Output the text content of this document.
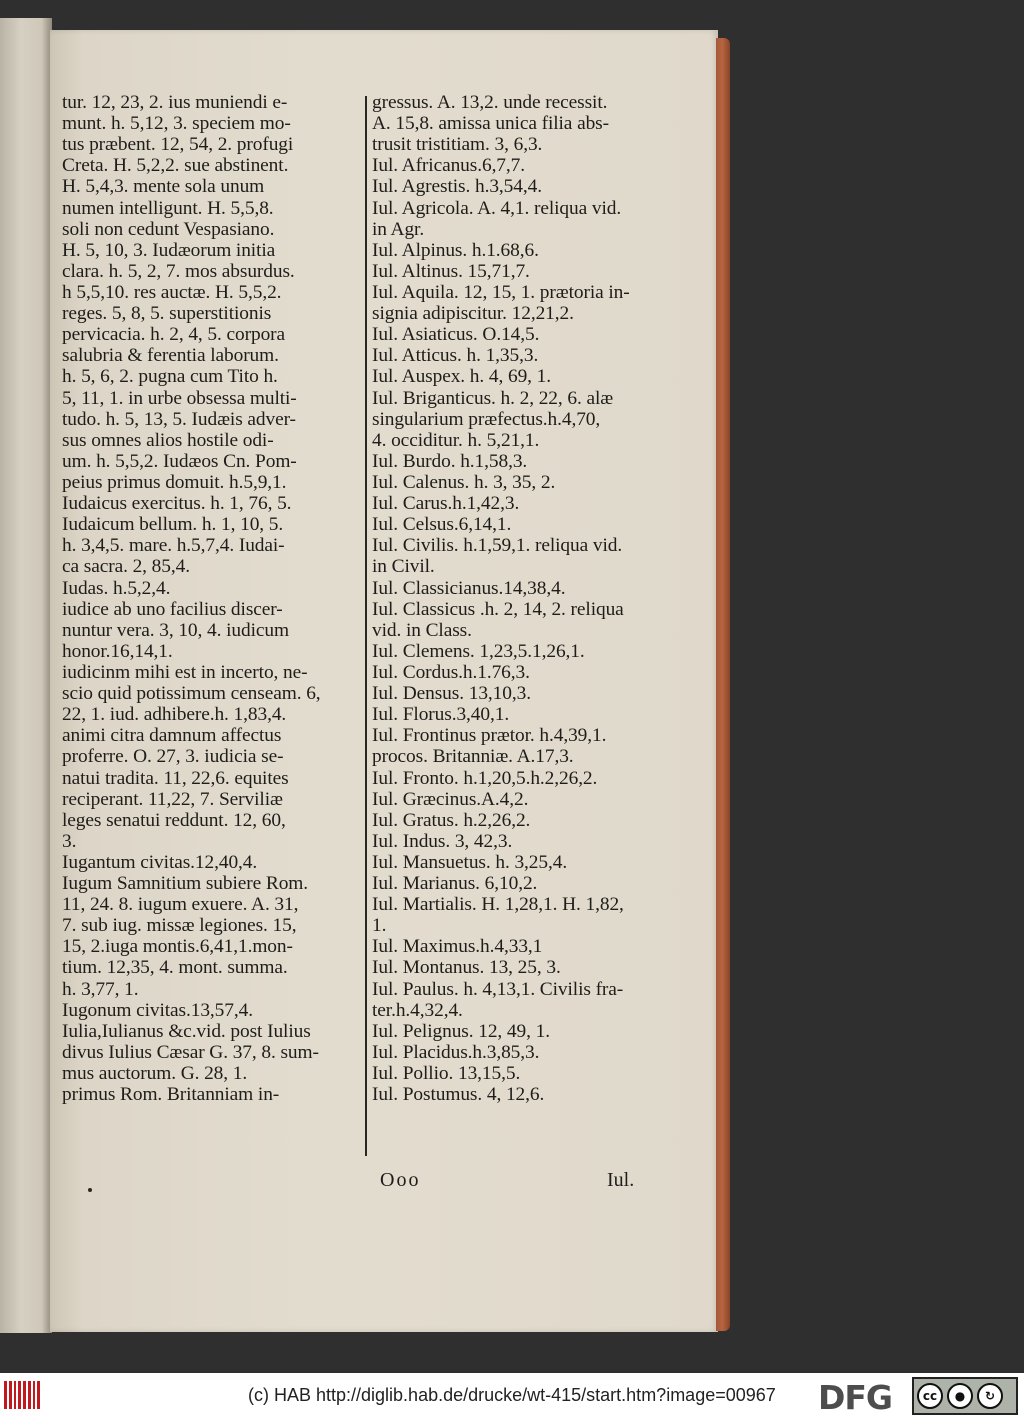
tur. 12, 23, 2. ius muniendi e-
munt. h. 5,12, 3. speciem mo-
tus præbent. 12, 54, 2. profugi
Creta. H. 5,2,2. sue abstinent.
H. 5,4,3. mente sola unum
numen intelligunt. H. 5,5,8.
soli non cedunt Vespasiano.
H. 5, 10, 3. Iudæorum initia
clara. h. 5, 2, 7. mos absurdus.
h 5,5,10. res auctæ. H. 5,5,2.
reges. 5, 8, 5. superstitionis
pervicacia. h. 2, 4, 5. corpora
salubria & ferentia laborum.
h. 5, 6, 2. pugna cum Tito h.
5, 11, 1. in urbe obsessa multi-
tudo. h. 5, 13, 5. Iudæis adver-
sus omnes alios hostile odi-
um. h. 5,5,2. Iudæos Cn. Pom-
peius primus domuit. h.5,9,1.
Iudaicus exercitus. h. 1, 76, 5.
Iudaicum bellum. h. 1, 10, 5.
h. 3,4,5. mare. h.5,7,4. Iudai-
ca sacra. 2, 85,4.
Iudas. h.5,2,4.
iudice ab uno facilius discer-
nuntur vera. 3, 10, 4. iudicum
honor.16,14,1.
iudicinm mihi est in incerto, ne-
scio quid potissimum censeam. 6,
22, 1. iud. adhibere.h. 1,83,4.
animi citra damnum affectus
proferre. O. 27, 3. iudicia se-
natui tradita. 11, 22,6. equites
reciperant. 11,22, 7. Serviliæ
leges senatui reddunt. 12, 60,
3.
Iugantum civitas.12,40,4.
Iugum Samnitium subiere Rom.
11, 24. 8. iugum exuere. A. 31,
7. sub iug. missæ legiones. 15,
15, 2.iuga montis.6,41,1.mon-
tium. 12,35, 4. mont. summa.
h. 3,77, 1.
Iugonum civitas.13,57,4.
Iulia,Iulianus &c.vid. post Iulius
divus Iulius Cæsar G. 37, 8. sum-
mus auctorum. G. 28, 1.
primus Rom. Britanniam in-
gressus. A. 13,2. unde recessit.
A. 15,8. amissa unica filia abs-
trusit tristitiam. 3, 6,3.
Iul. Africanus.6,7,7.
Iul. Agrestis. h.3,54,4.
Iul. Agricola. A. 4,1. reliqua vid.
in Agr.
Iul. Alpinus. h.1.68,6.
Iul. Altinus. 15,71,7.
Iul. Aquila. 12, 15, 1. prætoria in-
signia adipiscitur. 12,21,2.
Iul. Asiaticus. O.14,5.
Iul. Atticus. h. 1,35,3.
Iul. Auspex. h. 4, 69, 1.
Iul. Briganticus. h. 2, 22, 6. alæ
singularium præfectus.h.4,70,
4. occiditur. h. 5,21,1.
Iul. Burdo. h.1,58,3.
Iul. Calenus. h. 3, 35, 2.
Iul. Carus.h.1,42,3.
Iul. Celsus.6,14,1.
Iul. Civilis. h.1,59,1. reliqua vid.
in Civil.
Iul. Classicianus.14,38,4.
Iul. Classicus .h. 2, 14, 2. reliqua
vid. in Class.
Iul. Clemens. 1,23,5.1,26,1.
Iul. Cordus.h.1.76,3.
Iul. Densus. 13,10,3.
Iul. Florus.3,40,1.
Iul. Frontinus prætor. h.4,39,1.
procos. Britanniæ. A.17,3.
Iul. Fronto. h.1,20,5.h.2,26,2.
Iul. Græcinus.A.4,2.
Iul. Gratus. h.2,26,2.
Iul. Indus. 3, 42,3.
Iul. Mansuetus. h. 3,25,4.
Iul. Marianus. 6,10,2.
Iul. Martialis. H. 1,28,1. H. 1,82,
1.
Iul. Maximus.h.4,33,1
Iul. Montanus. 13, 25, 3.
Iul. Paulus. h. 4,13,1. Civilis fra-
ter.h.4,32,4.
Iul. Pelignus. 12, 49, 1.
Iul. Placidus.h.3,85,3.
Iul. Pollio. 13,15,5.
Iul. Postumus. 4, 12,6.
Ooo	Iul.
(c) HAB http://diglib.hab.de/drucke/wt-415/start.htm?image=00967 DFG	cc	●	↻
